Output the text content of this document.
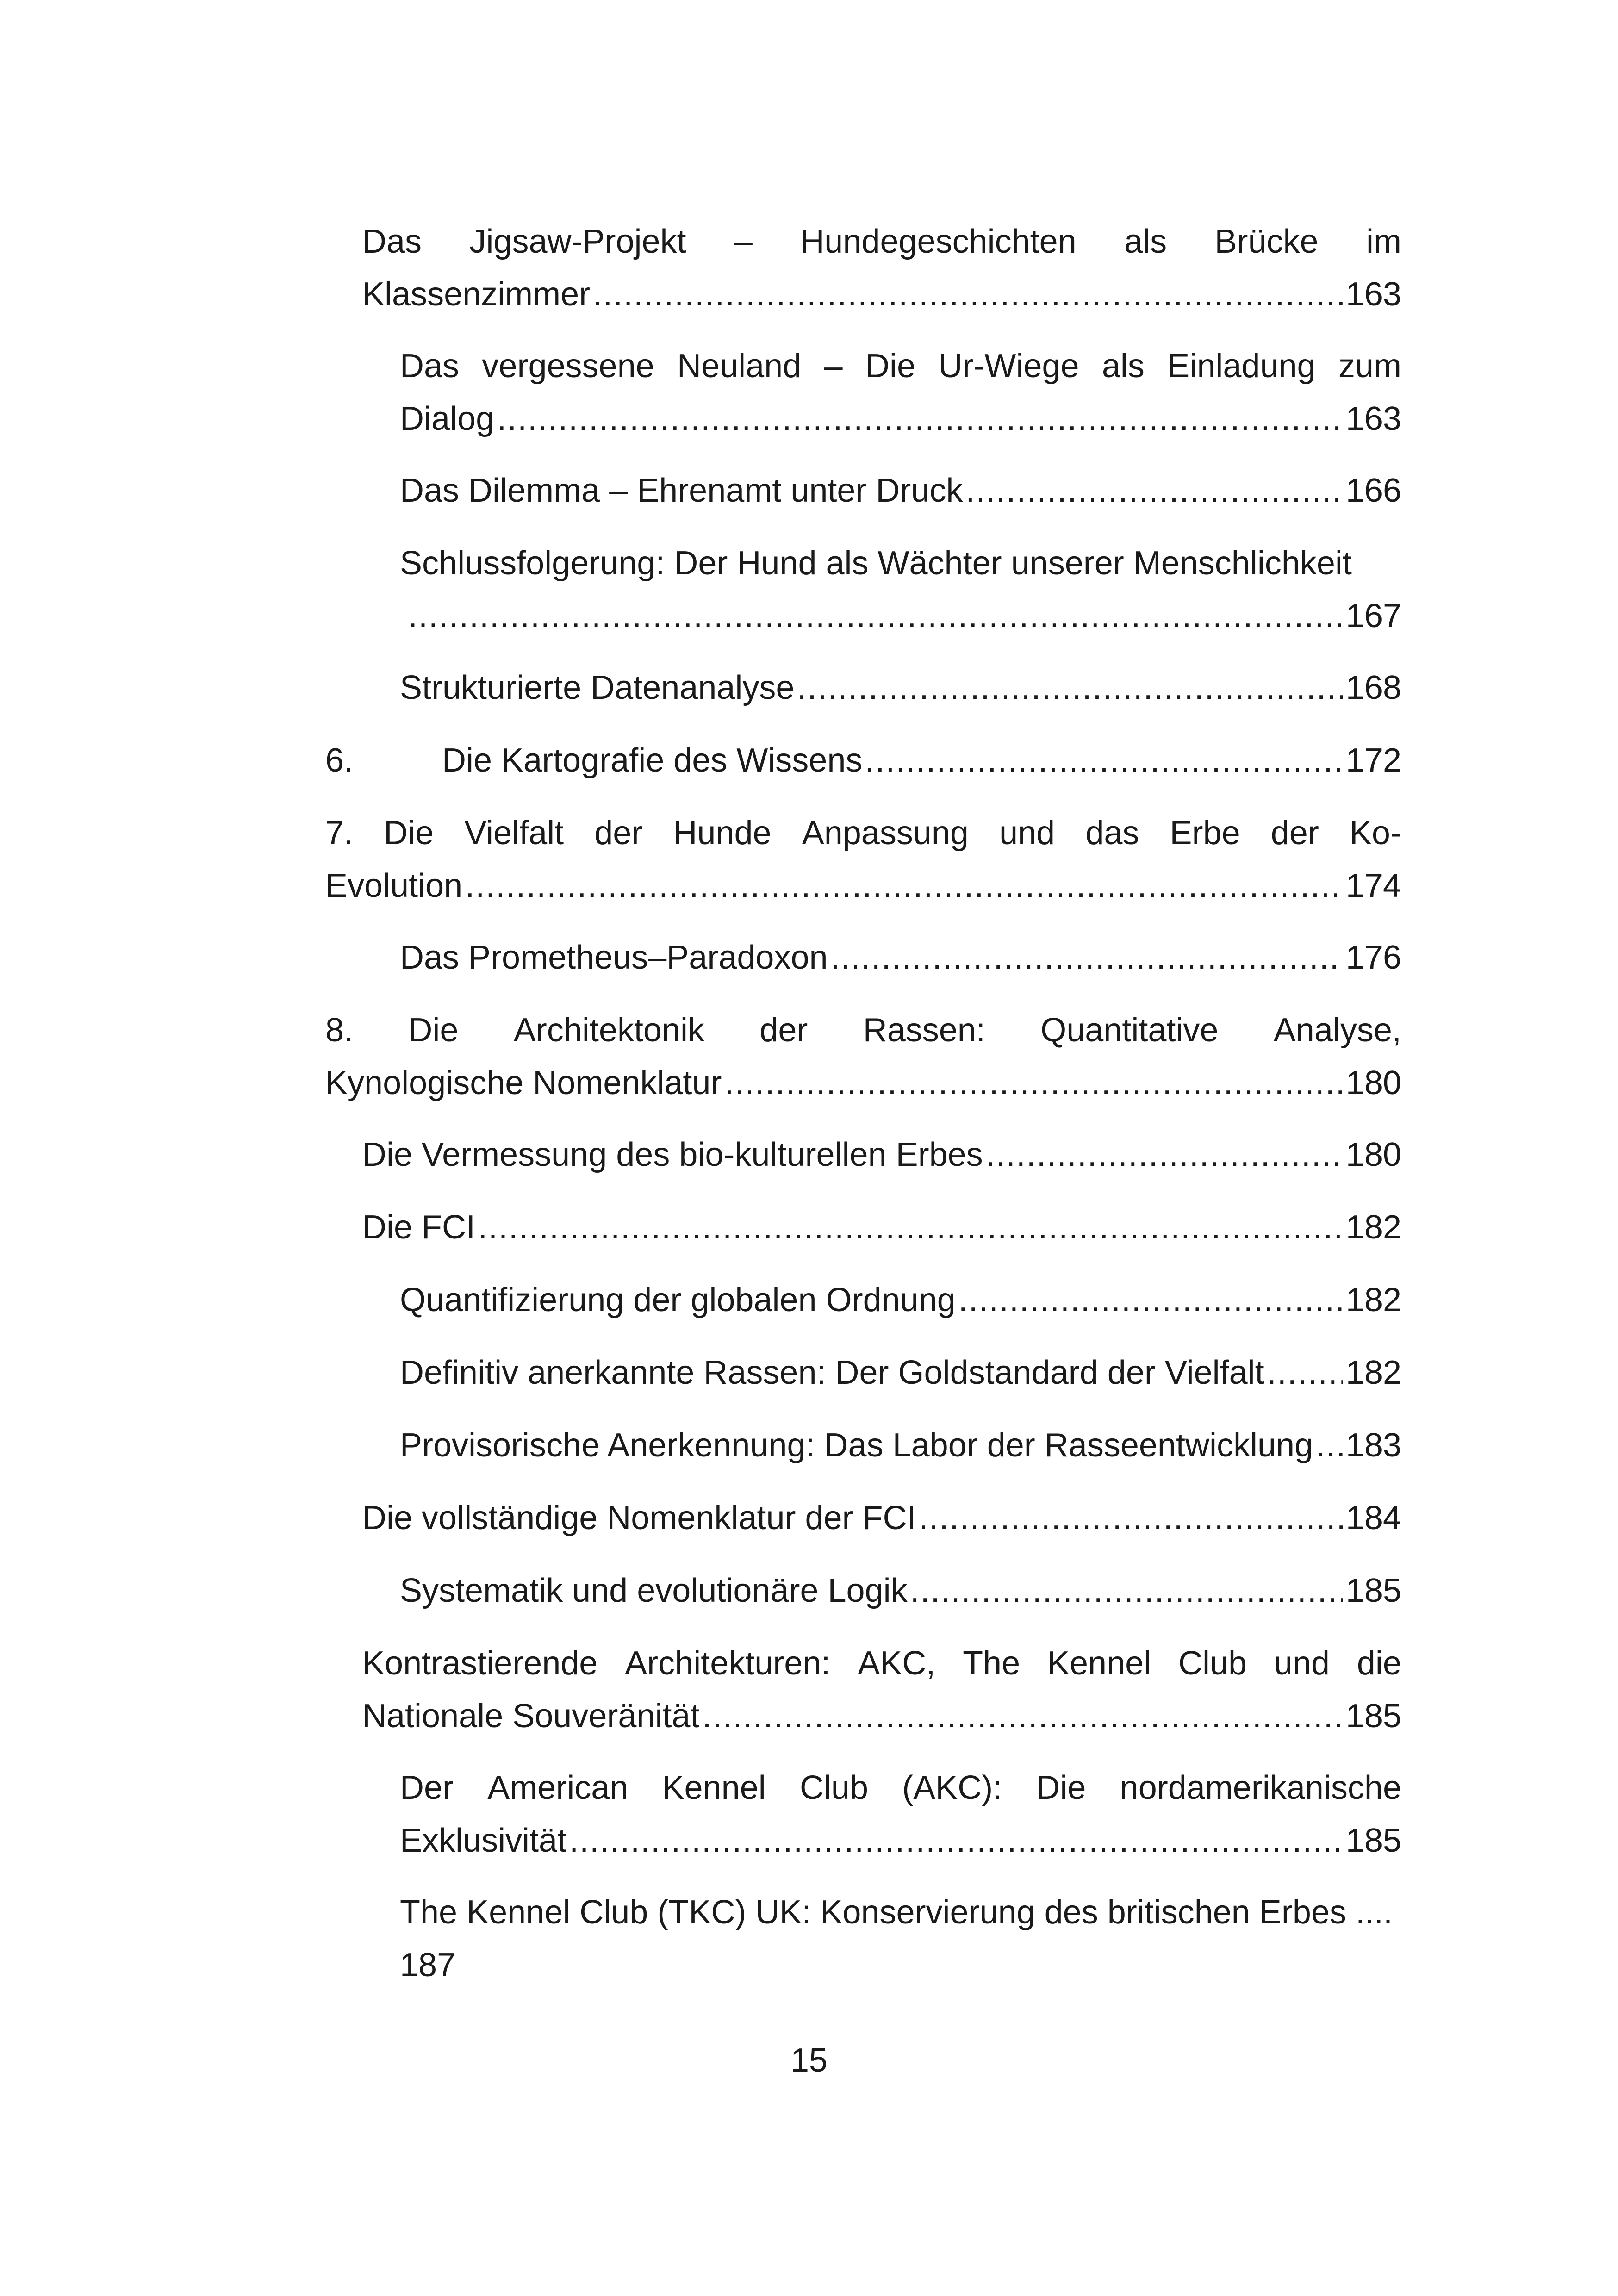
Das Jigsaw-Projekt – Hundegeschichten als Brücke im
Klassenzimmer .....	163
Das vergessene Neuland – Die Ur-Wiege als Einladung zum
Dialog .....	163
Das Dilemma – Ehrenamt unter Druck .....	166
Schlussfolgerung: Der Hund als Wächter unserer Menschlichkeit
.....
167
Strukturierte Datenanalyse .....	168
6.	Die Kartografie des Wissens .....	172
7. Die Vielfalt der Hunde Anpassung und das Erbe der Ko-
Evolution .....	174
Das Prometheus–Paradoxon .....	176
8. Die Architektonik der Rassen: Quantitative Analyse,
Kynologische Nomenklatur .....	180
Die Vermessung des bio-kulturellen Erbes .....	180
Die FCI .....	182
Quantifizierung der globalen Ordnung .....	182
Definitiv anerkannte Rassen: Der Goldstandard der Vielfalt ..... 182
Provisorische Anerkennung: Das Labor der Rasseentwicklung ..... 183
Die vollständige Nomenklatur der FCI .....	184
Systematik und evolutionäre Logik .....	185
Kontrastierende Architekturen: AKC, The Kennel Club und die
Nationale Souveränität .....	185
Der American Kennel Club (AKC): Die nordamerikanische
Exklusivität .....	185
The Kennel Club (TKC) UK: Konservierung des britischen Erbes ....
187
15
